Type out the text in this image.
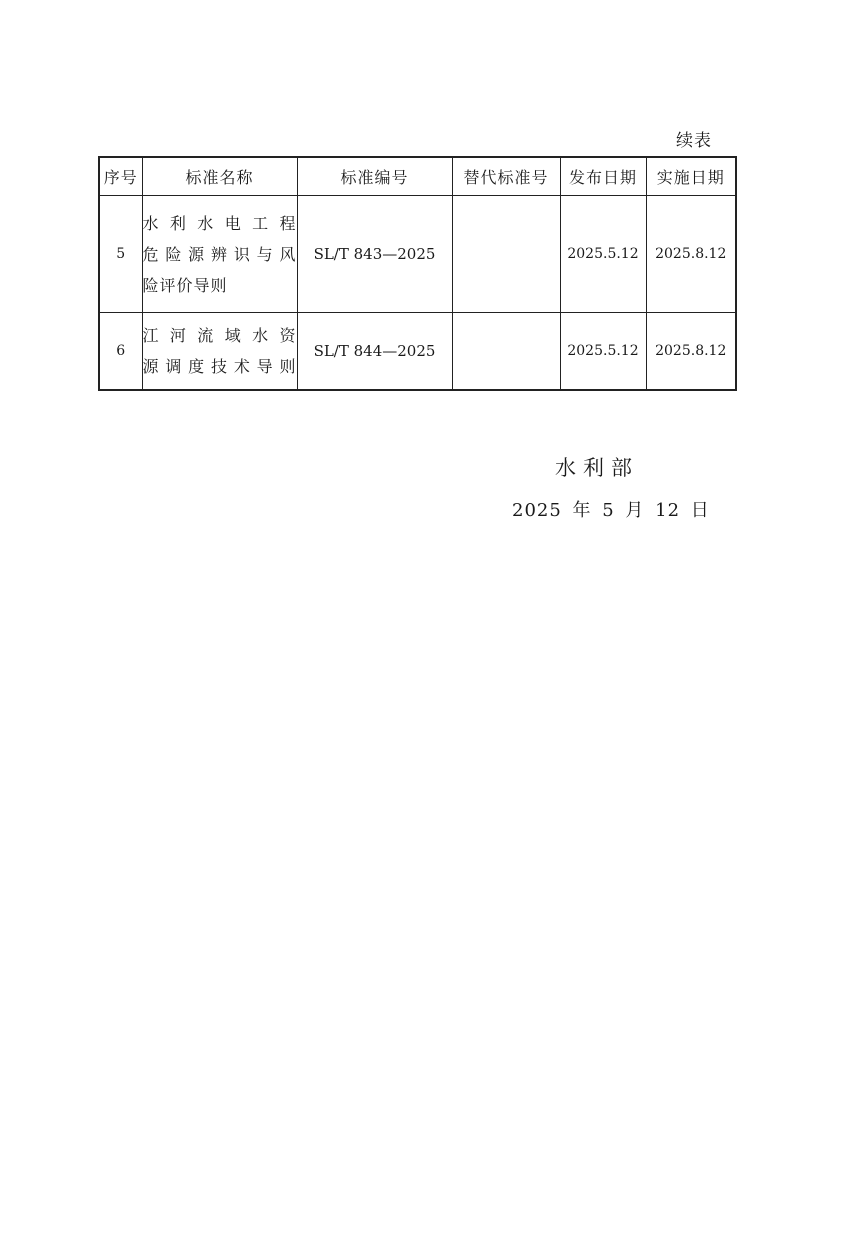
续表
序号	标准名称	标准编号	替代标准号	发布日期	实施日期
5	水利水电工程
危险源辨识与风
险评价导则	SL/T 843—2025		2025.5.12	2025.8.12
6	江河流域水资
源调度技术导则	SL/T 844—2025		2025.5.12	2025.8.12
水利部
2025 年 5 月 12 日
